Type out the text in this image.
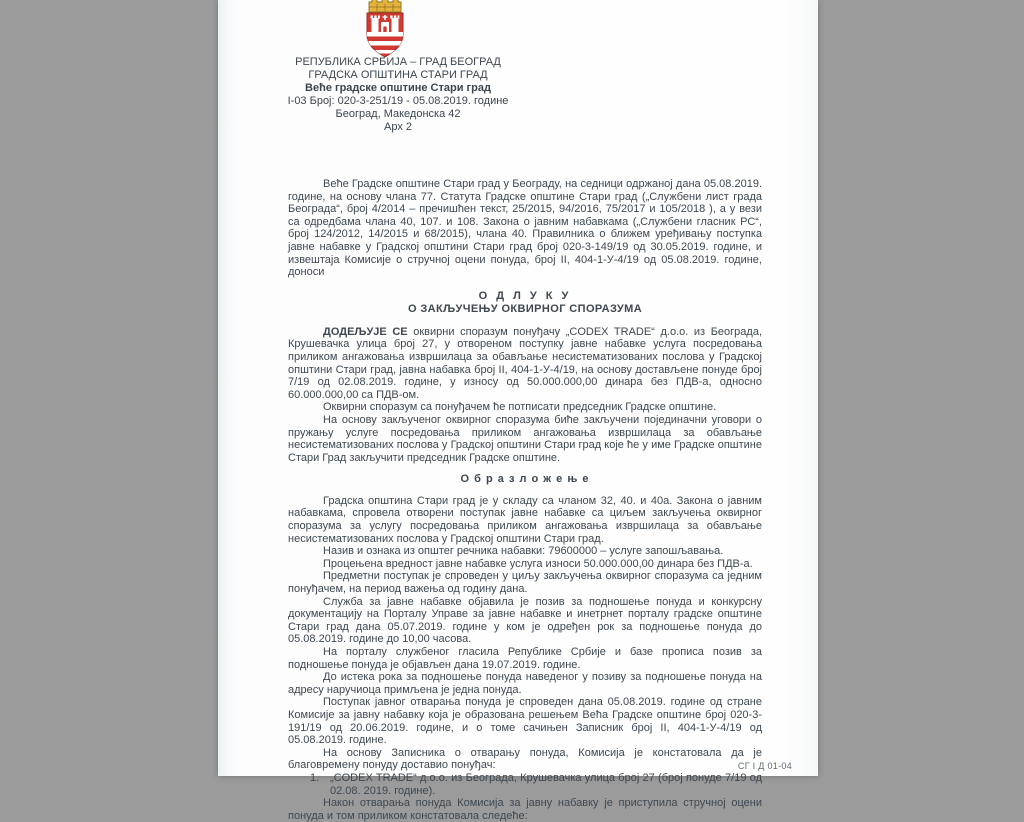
РЕПУБЛИКА СРБИЈА – ГРАД БЕОГРАД
ГРАДСКА ОПШТИНА СТАРИ ГРАД
Веће градске општине Стари град
I-03 Број: 020-3-251/19 - 05.08.2019. године
Београд, Македонска 42
Арх 2

Веће Градске општине Стари град у Београду, на седници одржаној дана 05.08.2019. године, на основу члана 77. Статута Градске општине Стари град („Службени лист града Београда“, број 4/2014 – пречишћен текст, 25/2015, 94/2016, 75/2017 и 105/2018 ), а у вези са одредбама члана 40, 107. и 108. Закона о јавним набавкама („Службени гласник РС“, број 124/2012, 14/2015 и 68/2015), члана 40. Правилника о ближем уређивању поступка јавне набавке у Градској општини Стари град број 020-3-149/19 од 30.05.2019. године, и извештаја Комисије о стручној оцени понуда, број II, 404-1-У-4/19 од 05.08.2019. године, доноси

О Д Л У К У
О ЗАКЉУЧЕЊУ ОКВИРНОГ СПОРАЗУМА

ДОДЕЉУЈЕ СЕ оквирни споразум понуђачу „CODEX TRADE“ д.о.о. из Београда, Крушевачка улица број 27, у отвореном поступку јавне набавке услуга посредовања приликом ангажовања извршилаца за обављање несистематизованих послова у Градској општини Стари град, јавна набавка број II, 404-1-У-4/19, на основу достављене понуде број 7/19 од 02.08.2019. године, у износу од 50.000.000,00 динара без ПДВ-а, односно 60.000.000,00 са ПДВ-ом.

Оквирни споразум са понуђачем ће потписати председник Градске општине.

На основу закљученог оквирног споразума биће закључени појединачни уговори о пружању услуге посредовања приликом ангажовања извршилаца за обављање несистематизованих послова у Градској општини Стари град које ће у име Градске општине Стари Град закључити председник Градске општине.

О б р а з л о ж е њ е

Градска општина Стари град је у складу са чланом 32, 40. и 40а. Закона о јавним набавкама, спровела отворени поступак јавне набавке са циљем закључења оквирног споразума за услугу посредовања приликом ангажовања извршилаца за обављање несистематизованих послова у Градској општини Стари град.

Назив и ознака из општег речника набавки: 79600000 – услуге запошљавања.

Процењена вредност јавне набавке услуга износи 50.000.000,00 динара без ПДВ-а.

Предметни поступак је спроведен у циљу закључења оквирног споразума са једним понуђачем, на период важења од годину дана.

Служба за јавне набавке објавила је позив за подношење понуда и конкурсну документацију на Порталу Управе за јавне набавке и инетрнет порталу градске општине Стари град дана 05.07.2019. године у ком је одређен рок за подношење понуда до 05.08.2019. године до 10,00 часова.

На порталу службеног гласила Републике Србије и базе прописа позив за подношење понуда је објављен дана 19.07.2019. године.

До истека рока за подношење понуда наведеног у позиву за подношење понуда на адресу наручиоца примљена је једна понуда.

Поступак јавног отварања понуда је спроведен дана 05.08.2019. године од стране Комисије за јавну набавку која је образована решењем Већа Градске општине број 020-3-191/19 од 20.06.2019. године, и о томе сачињен Записник број II, 404-1-У-4/19 од 05.08.2019. године.

На основу Записника о отварању понуда, Комисија је констатовала да је благовремену понуду доставио понуђач:

1. „CODEX TRADE“ д.о.о. из Београда, Крушевачка улица број 27 (број понуде 7/19 од 02.08. 2019. године).

Након отварања понуда Комисија за јавну набавку је приступила стручној оцени понуда и том приликом констатовала следеће:

СГ I Д 01-04
